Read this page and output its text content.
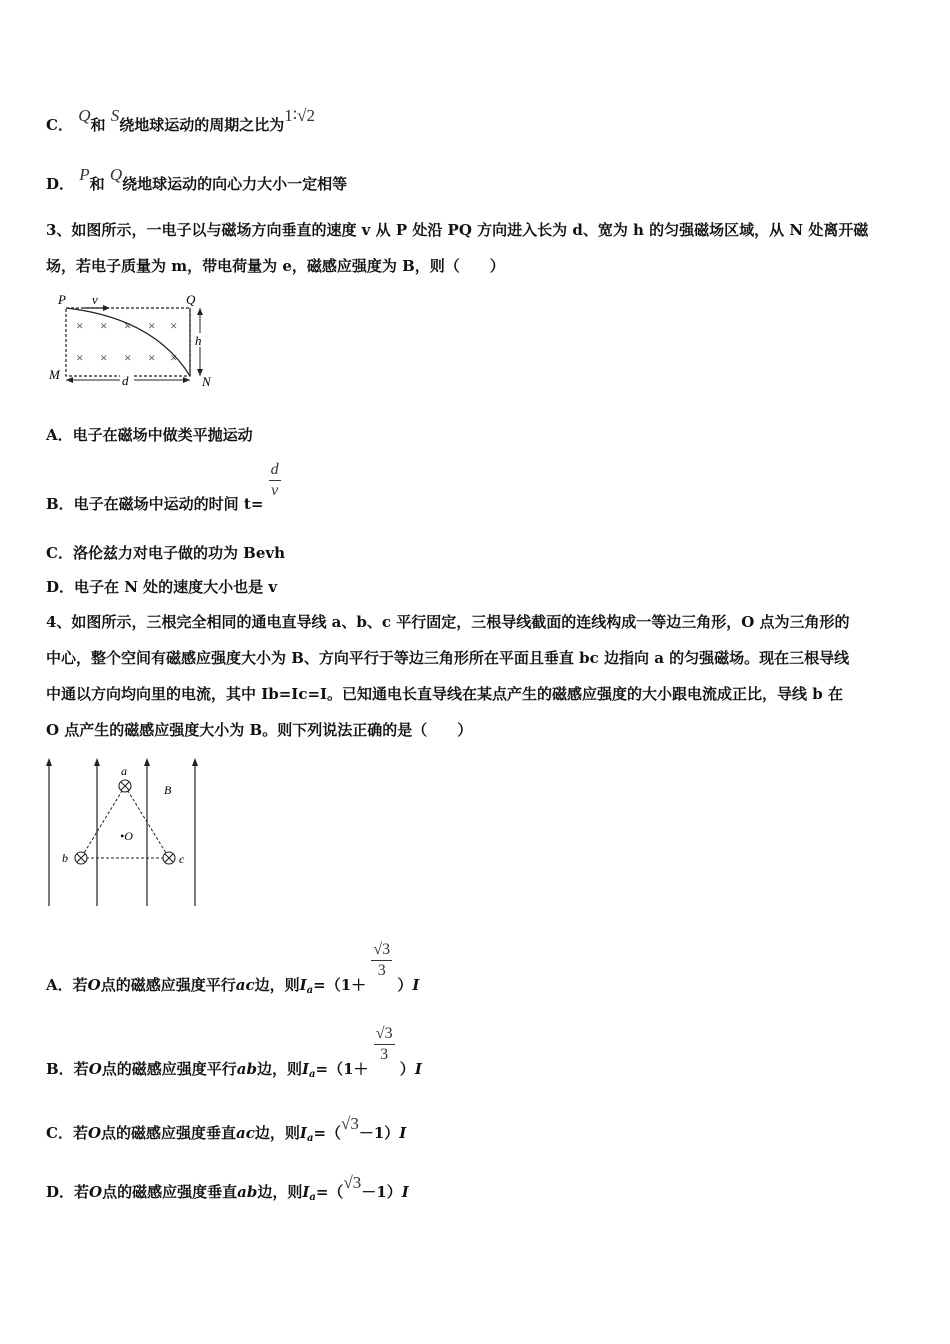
C． Q和 S绕地球运动的周期之比为1∶√2
D． P和 Q绕地球运动的向心力大小一定相等
3、如图所示，一电子以与磁场方向垂直的速度 v 从 P 处沿 PQ 方向进入长为 d、宽为 h 的匀强磁场区域，从 N 处离开磁
场，若电子质量为 m，带电荷量为 e，磁感应强度为 B，则（　　）
P v	Q
M	N
h
d
× × × × ×
× × × × ×
A．电子在磁场中做类平抛运动
B．电子在磁场中运动的时间 t=
$\frac{d}{v}$
C．洛伦兹力对电子做的功为 Bevh
D．电子在 N 处的速度大小也是 v
4、如图所示，三根完全相同的通电直导线 a、b、c 平行固定，三根导线截面的连线构成一等边三角形，O 点为三角形的
中心，整个空间有磁感应强度大小为 B、方向平行于等边三角形所在平面且垂直 bc 边指向 a 的匀强磁场。现在三根导线
中通以方向均向里的电流，其中 Ib=Ic=I。已知通电长直导线在某点产生的磁感应强度的大小跟电流成正比，导线 b 在
O 点产生的磁感应强度大小为 B。则下列说法正确的是（　　）
a
b	c
•O
B
A．若O点的磁感应强度平行ac边，则$I_a=(1+$
$\frac{√3}{3}$
）I
B．若O点的磁感应强度平行ab边，则$I_a=(1+$
$\frac{√3}{3}$
）I
C．若O点的磁感应强度垂直ac边，则$I_a=(√3-1)I$
D．若O点的磁感应强度垂直ab边，则$I_a=(√3-1)I$
